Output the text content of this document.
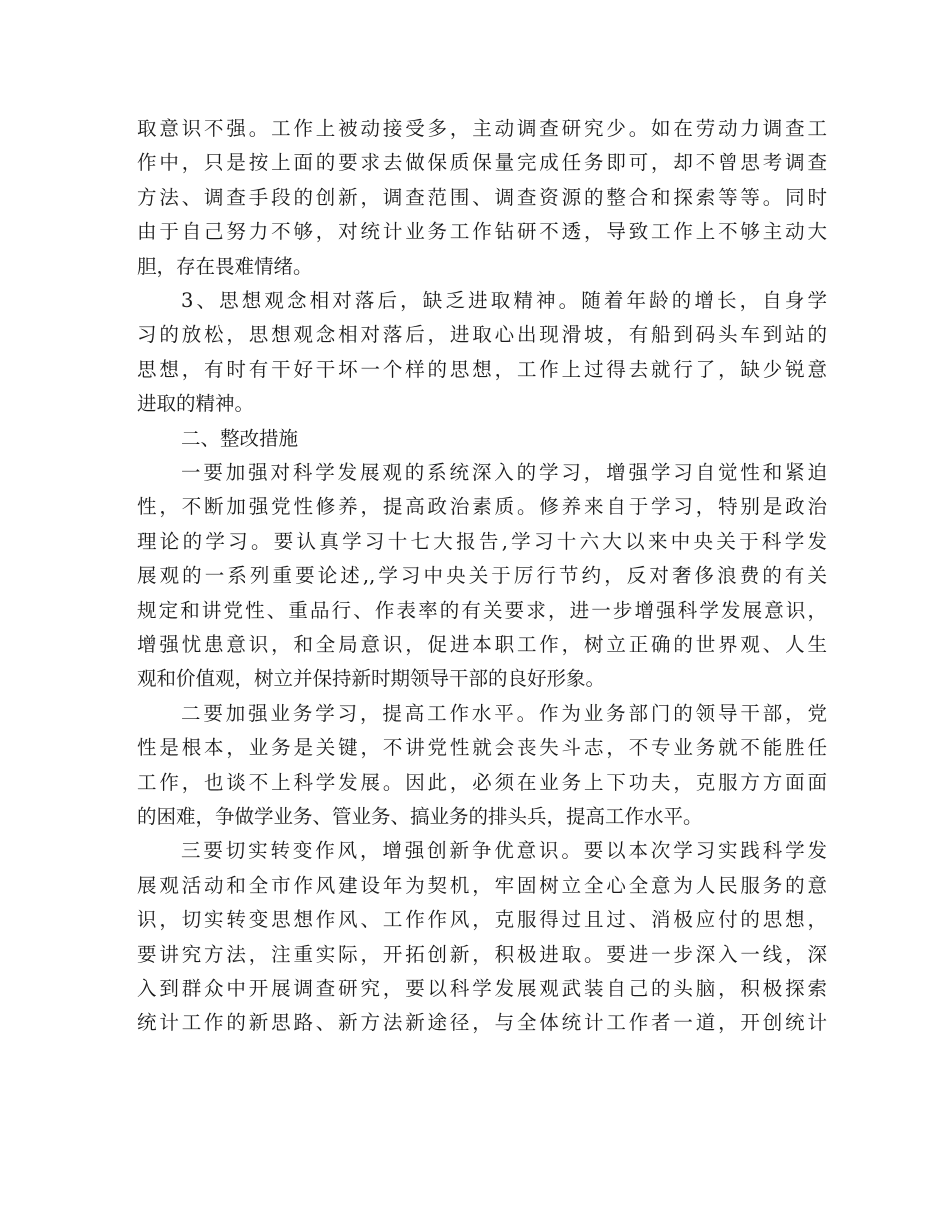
取意识不强。工作上被动接受多，主动调查研究少。如在劳动力调查工
作中，只是按上面的要求去做保质保量完成任务即可，却不曾思考调查
方法、调查手段的创新，调查范围、调查资源的整合和探索等等。同时
由于自己努力不够，对统计业务工作钻研不透，导致工作上不够主动大
胆，存在畏难情绪。
3、思想观念相对落后，缺乏进取精神。随着年龄的增长，自身学
习的放松，思想观念相对落后，进取心出现滑坡，有船到码头车到站的
思想，有时有干好干坏一个样的思想，工作上过得去就行了，缺少锐意
进取的精神。
二、整改措施
一要加强对科学发展观的系统深入的学习，增强学习自觉性和紧迫
性，不断加强党性修养，提高政治素质。修养来自于学习，特别是政治
理论的学习。要认真学习十七大报告,学习十六大以来中央关于科学发
展观的一系列重要论述,,学习中央关于厉行节约，反对奢侈浪费的有关
规定和讲党性、重品行、作表率的有关要求，进一步增强科学发展意识，
增强忧患意识，和全局意识，促进本职工作，树立正确的世界观、人生
观和价值观，树立并保持新时期领导干部的良好形象。
二要加强业务学习，提高工作水平。作为业务部门的领导干部，党
性是根本，业务是关键，不讲党性就会丧失斗志，不专业务就不能胜任
工作，也谈不上科学发展。因此，必须在业务上下功夫，克服方方面面
的困难，争做学业务、管业务、搞业务的排头兵，提高工作水平。
三要切实转变作风，增强创新争优意识。要以本次学习实践科学发
展观活动和全市作风建设年为契机，牢固树立全心全意为人民服务的意
识，切实转变思想作风、工作作风，克服得过且过、消极应付的思想，
要讲究方法，注重实际，开拓创新，积极进取。要进一步深入一线，深
入到群众中开展调查研究，要以科学发展观武装自己的头脑，积极探索
统计工作的新思路、新方法新途径，与全体统计工作者一道，开创统计
